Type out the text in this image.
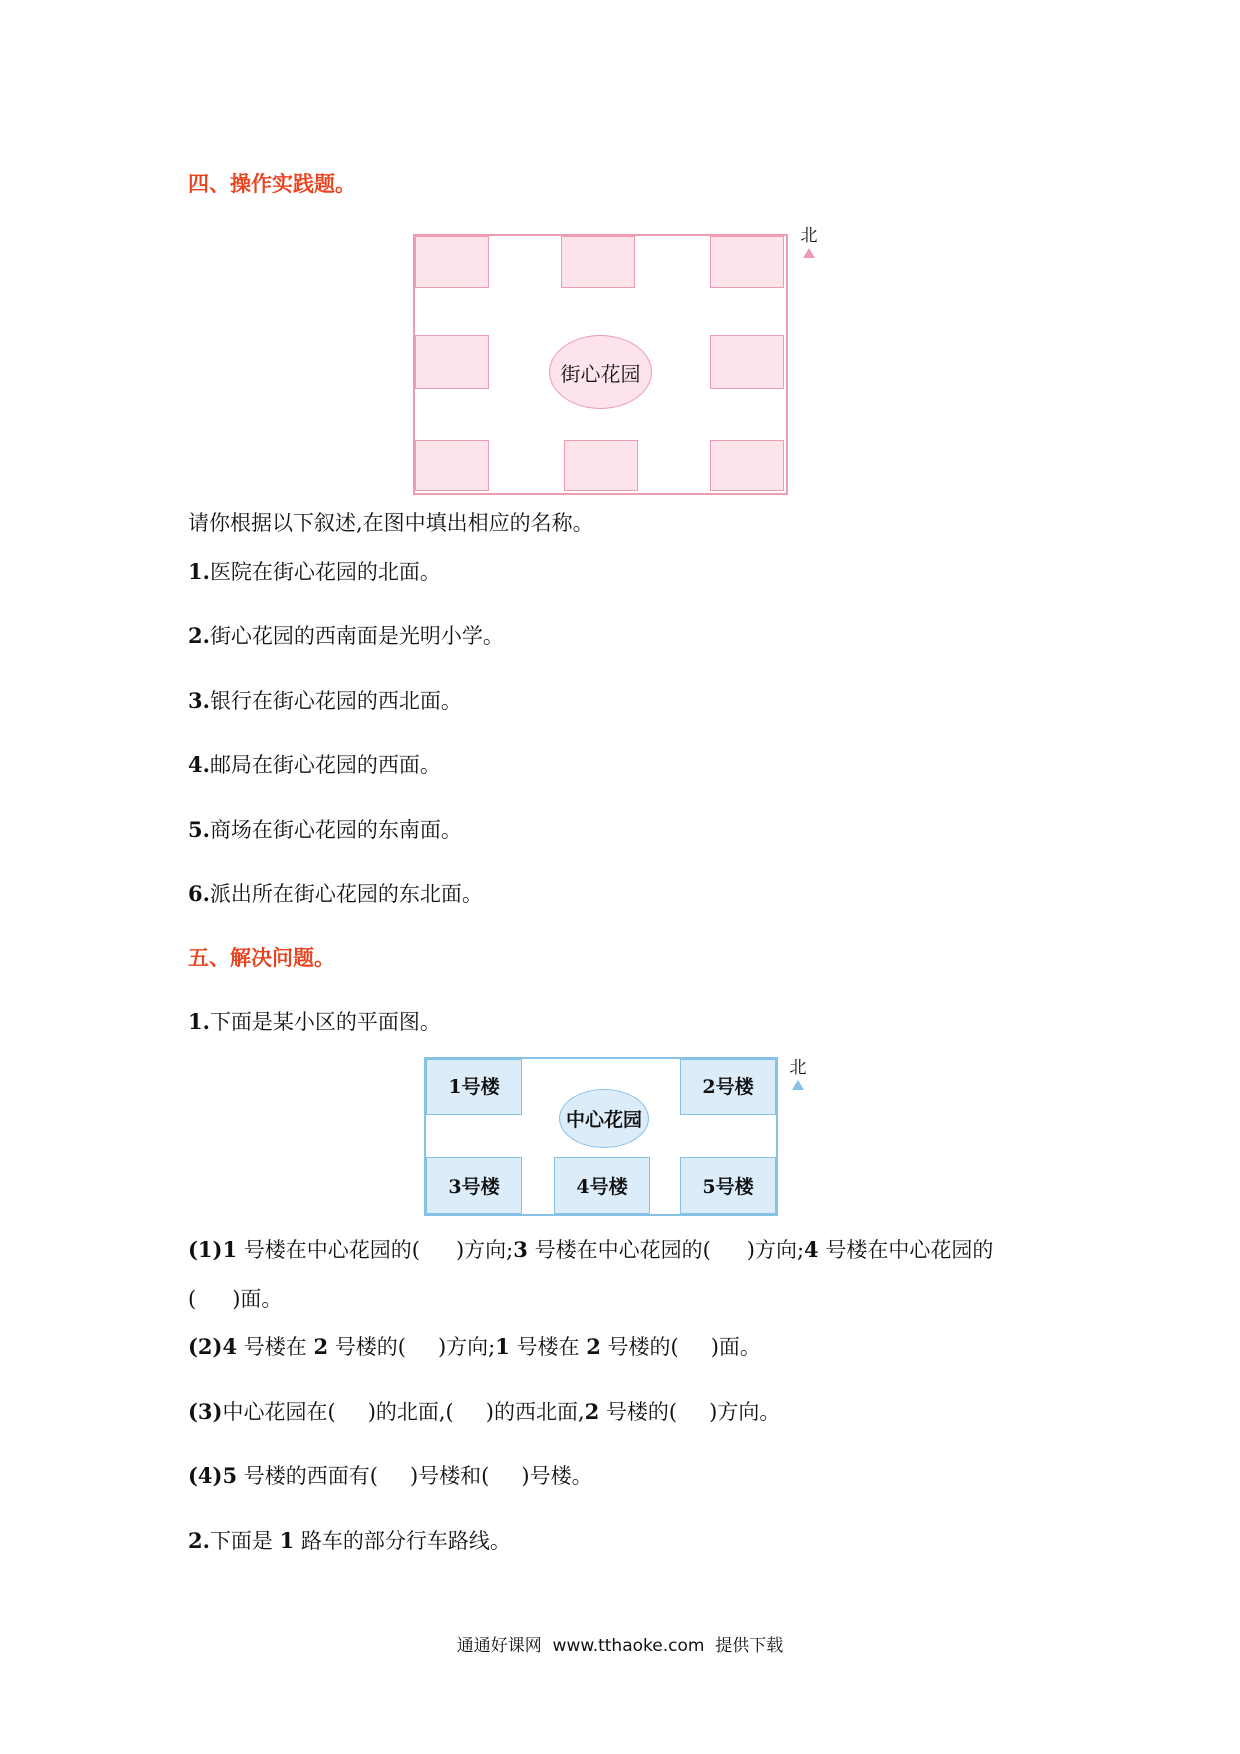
四、操作实践题。
街心花园
北
请你根据以下叙述,在图中填出相应的名称。
1.医院在街心花园的北面。
2.街心花园的西南面是光明小学。
3.银行在街心花园的西北面。
4.邮局在街心花园的西面。
5.商场在街心花园的东南面。
6.派出所在街心花园的东北面。
五、解决问题。
1.下面是某小区的平面图。
1号楼	2号楼
3号楼	4号楼	5号楼
中心花园
北
(1)1 号楼在中心花园的( )方向;3 号楼在中心花园的( )方向;4 号楼在中心花园的
( )面。
(2)4 号楼在 2 号楼的( )方向;1 号楼在 2 号楼的( )面。
(3)中心花园在( )的北面,( )的西北面,2 号楼的( )方向。
(4)5 号楼的西面有( )号楼和( )号楼。
2.下面是 1 路车的部分行车路线。
通通好课网  www.tthaoke.com  提供下载
